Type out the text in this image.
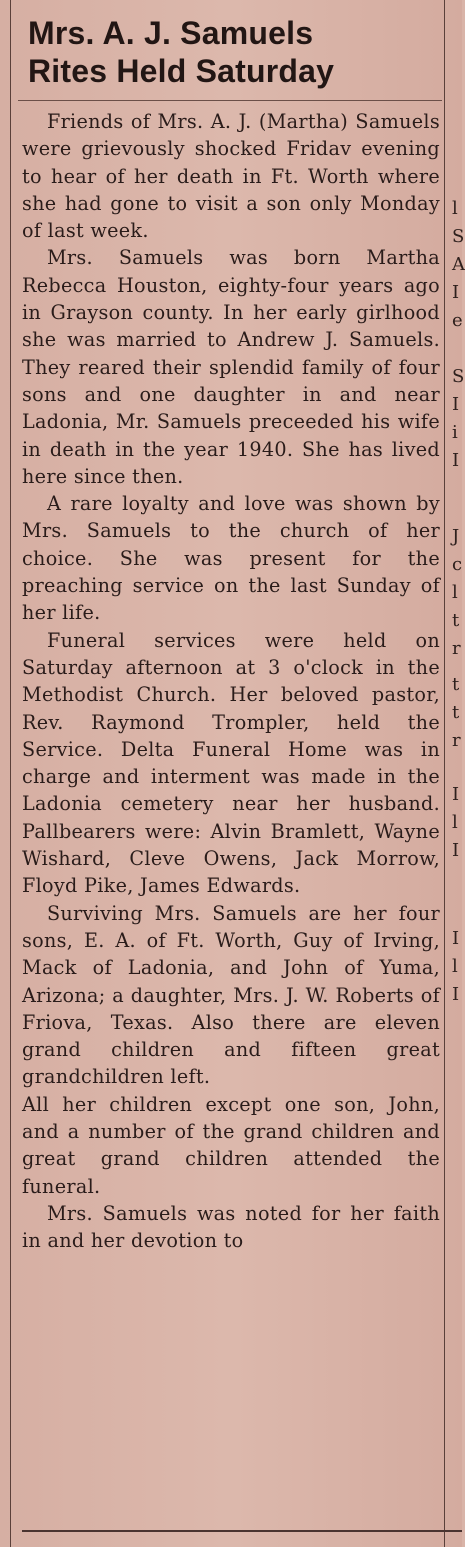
l
S
A
I
e
S
I
i
I
J
c
l
t
r
t
t
r
I
l
I
I
l
I
Mrs. A. J. Samuels
Rites Held Saturday

Friends of Mrs. A. J. (Martha) Samuels were grievously shocked Fridav evening to hear of her death in Ft. Worth where she had gone to visit a son only Monday of last week.

Mrs. Samuels was born Martha Rebecca Houston, eighty-four years ago in Grayson county. In her early girlhood she was married to Andrew J. Samuels. They reared their splendid family of four sons and one daughter in and near Ladonia, Mr. Samuels preceeded his wife in death in the year 1940. She has lived here since then.

A rare loyalty and love was shown by Mrs. Samuels to the church of her choice. She was present for the preaching service on the last Sunday of her life.

Funeral services were held on Saturday afternoon at 3 o'clock in the Methodist Church. Her beloved pastor, Rev. Raymond Trompler, held the Service. Delta Funeral Home was in charge and interment was made in the Ladonia cemetery near her husband. Pallbearers were: Alvin Bramlett, Wayne Wishard, Cleve Owens, Jack Morrow, Floyd Pike, James Edwards.

Surviving Mrs. Samuels are her four sons, E. A. of Ft. Worth, Guy of Irving, Mack of Ladonia, and John of Yuma, Arizona; a daughter, Mrs. J. W. Roberts of Friova, Texas. Also there are eleven grand children and fifteen great grandchildren left.

All her children except one son, John, and a number of the grand children and great grand children attended the funeral.

Mrs. Samuels was noted for her faith in and her devotion to
